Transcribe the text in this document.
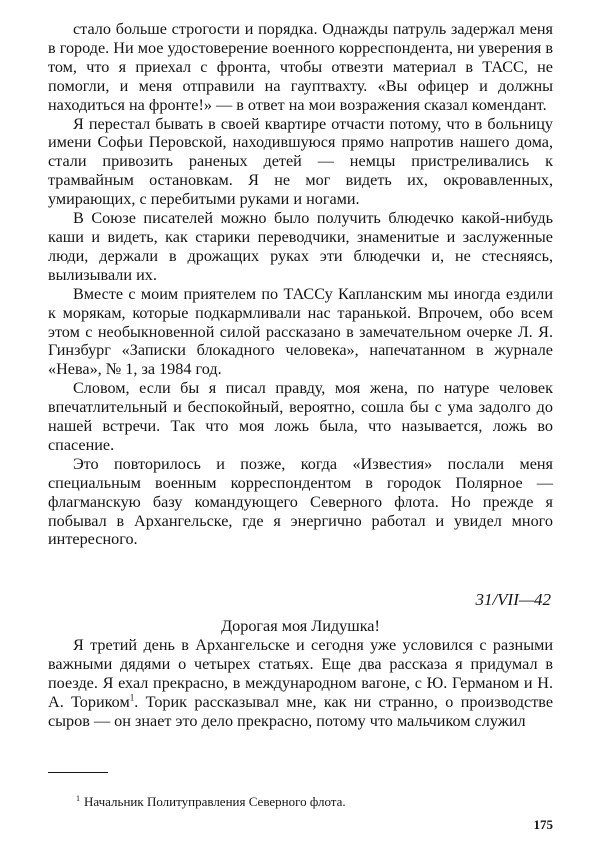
стало больше строгости и порядка. Однажды патруль задержал меня в городе. Ни мое удостоверение военного корреспондента, ни уверения в том, что я приехал с фронта, чтобы отвезти материал в ТАСС, не помогли, и меня отправили на гауптвахту. «Вы офицер и должны находиться на фронте!» — в ответ на мои возражения сказал комендант.

Я перестал бывать в своей квартире отчасти потому, что в больницу имени Софьи Перовской, находившуюся прямо напротив нашего дома, стали привозить раненых детей — немцы пристреливались к трамвайным остановкам. Я не мог видеть их, окровавленных, умирающих, с перебитыми руками и ногами.

В Союзе писателей можно было получить блюдечко какой-нибудь каши и видеть, как старики переводчики, знаменитые и заслуженные люди, держали в дрожащих руках эти блюдечки и, не стесняясь, вылизывали их.

Вместе с моим приятелем по ТАССу Капланским мы иногда ездили к морякам, которые подкармливали нас таранькой. Впрочем, обо всем этом с необыкновенной силой рассказано в замечательном очерке Л. Я. Гинзбург «Записки блокадного человека», напечатанном в журнале «Нева», № 1, за 1984 год.

Словом, если бы я писал правду, моя жена, по натуре человек впечатлительный и беспокойный, вероятно, сошла бы с ума задолго до нашей встречи. Так что моя ложь была, что называется, ложь во спасение.

Это повторилось и позже, когда «Известия» послали меня специальным военным корреспондентом в городок Полярное — флагманскую базу командующего Северного флота. Но прежде я побывал в Архангельске, где я энергично работал и увидел много интересного.

31/VII—42

Дорогая моя Лидушка!

Я третий день в Архангельске и сегодня уже условился с разными важными дядями о четырех статьях. Еще два рассказа я придумал в поезде. Я ехал прекрасно, в международном вагоне, с Ю. Германом и Н. А. Ториком$^1$. Торик рассказывал мне, как ни странно, о производстве сыров — он знает это дело прекрасно, потому что мальчиком служил

$^1$ Начальник Политуправления Северного флота.

175
